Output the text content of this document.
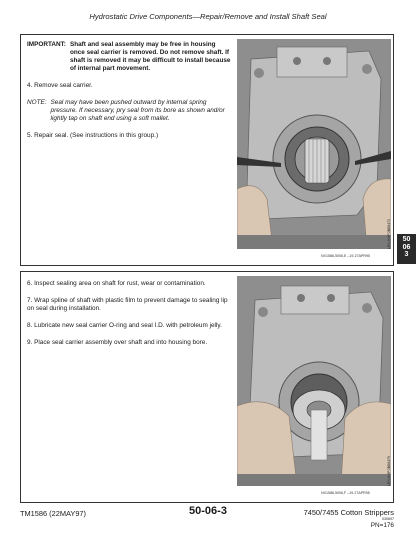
Hydrostatic Drive Components—Repair/Remove and Install Shaft Seal
IMPORTANT: Shaft and seal assembly may be free in housing once seal carrier is removed. Do not remove shaft. If shaft is removed it may be difficult to install because of internal part movement.

4. Remove seal carrier.

NOTE: Seal may have been pushed outward by internal spring pressure. If necessary, pry seal from its bore as shown and/or lightly tap on shaft end using a soft mallet.

5. Repair seal. (See instructions in this group.)

NX1586,5006,E –19-27APR95
LRN-HMP050
N98473

6. Inspect sealing area on shaft for rust, wear or contamination.

7. Wrap spline of shaft with plastic film to prevent damage to sealing lip on seal during installation.

8. Lubricate new seal carrier O-ring and seal I.D. with petroleum jelly.

9. Place seal carrier assembly over shaft and into housing bore.

NX1586,5006,F –19-27APR95
LRN-HMP050
N98479
50
06
3
TM1586 (22MAY97)	50-06-3	7450/7455 Cotton Strippers
030697
PN=176
